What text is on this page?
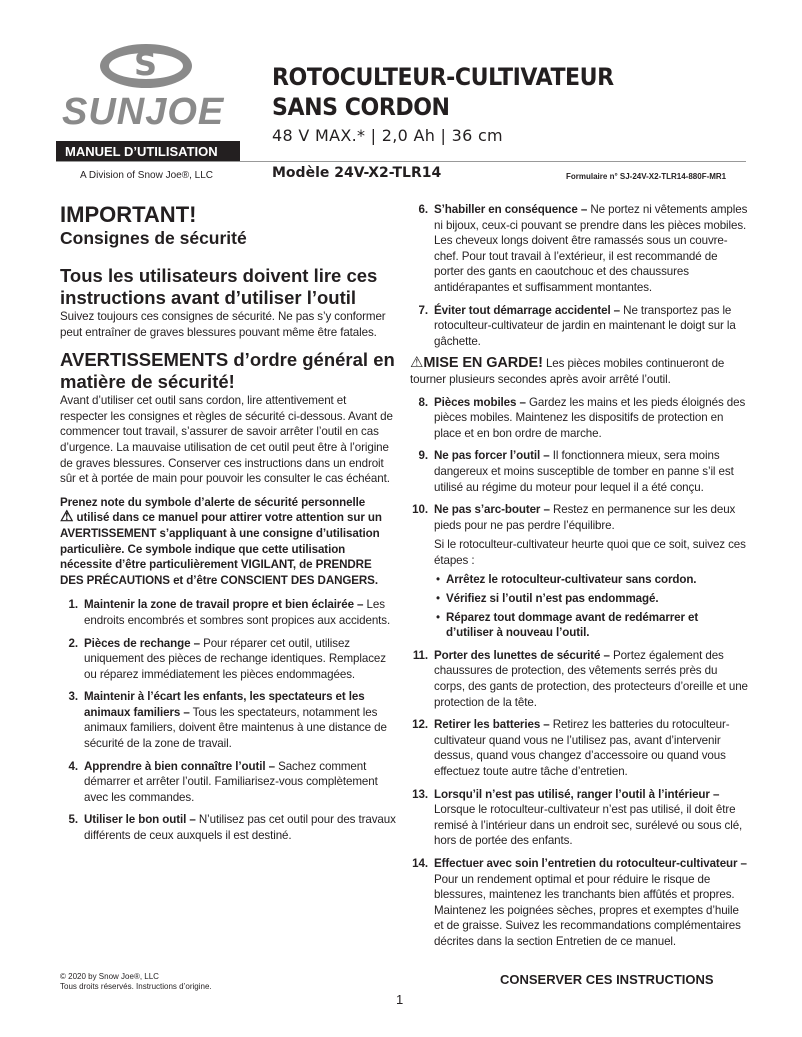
S
SUNJOE
MANUEL D’UTILISATION
A Division of Snow Joe®, LLC
ROTOCULTEUR-CULTIVATEUR
SANS CORDON
48 V MAX.* | 2,0 Ah | 36 cm
Modèle 24V-X2-TLR14	Formulaire n° SJ-24V-X2-TLR14-880F-MR1
IMPORTANT!
Consignes de sécurité
Tous les utilisateurs doivent lire ces instructions avant d’utiliser l’outil

Suivez toujours ces consignes de sécurité. Ne pas s’y conformer peut entraîner de graves blessures pouvant même être fatales.

AVERTISSEMENTS d’ordre général en matière de sécurité!

Avant d’utiliser cet outil sans cordon, lire attentivement et respecter les consignes et règles de sécurité ci-dessous. Avant de commencer tout travail, s’assurer de savoir arrêter l’outil en cas d’urgence. La mauvaise utilisation de cet outil peut être à l’origine de graves blessures. Conserver ces instructions dans un endroit sûr et à portée de main pour pouvoir les consulter le cas échéant.

Prenez note du symbole d’alerte de sécurité personnelle
⚠ utilisé dans ce manuel pour attirer votre attention sur un AVERTISSEMENT s’appliquant à une consigne d’utilisation particulière. Ce symbole indique que cette utilisation nécessite d’être particulièrement VIGILANT, de PRENDRE DES PRÉCAUTIONS et d’être CONSCIENT DES DANGERS.

1. Maintenir la zone de travail propre et bien éclairée – Les endroits encombrés et sombres sont propices aux accidents.
2. Pièces de rechange – Pour réparer cet outil, utilisez uniquement des pièces de rechange identiques. Remplacez ou réparez immédiatement les pièces endommagées.
3. Maintenir à l’écart les enfants, les spectateurs et les animaux familiers – Tous les spectateurs, notamment les animaux familiers, doivent être maintenus à une distance de sécurité de la zone de travail.
4. Apprendre à bien connaître l’outil – Sachez comment démarrer et arrêter l’outil. Familiarisez-vous complètement avec les commandes.
5. Utiliser le bon outil – N’utilisez pas cet outil pour des travaux différents de ceux auxquels il est destiné.
6. S’habiller en conséquence – Ne portez ni vêtements amples ni bijoux, ceux-ci pouvant se prendre dans les pièces mobiles. Les cheveux longs doivent être ramassés sous un couvre-chef. Pour tout travail à l’extérieur, il est recommandé de porter des gants en caoutchouc et des chaussures antidérapantes et suffisamment montantes.
7. Éviter tout démarrage accidentel – Ne transportez pas le rotoculteur-cultivateur de jardin en maintenant le doigt sur la gâchette.

⚠MISE EN GARDE! Les pièces mobiles continueront de tourner plusieurs secondes après avoir arrêté l’outil.

8. Pièces mobiles – Gardez les mains et les pieds éloignés des pièces mobiles. Maintenez les dispositifs de protection en place et en bon ordre de marche.
9. Ne pas forcer l’outil – Il fonctionnera mieux, sera moins dangereux et moins susceptible de tomber en panne s’il est utilisé au régime du moteur pour lequel il a été conçu.
10. Ne pas s’arc-bouter – Restez en permanence sur les deux pieds pour ne pas perdre l’équilibre.

Si le rotoculteur-cultivateur heurte quoi que ce soit, suivez ces étapes :

• Arrêtez le rotoculteur-cultivateur sans cordon.
• Vérifiez si l’outil n’est pas endommagé.
• Réparez tout dommage avant de redémarrer et d’utiliser à nouveau l’outil.
11. Porter des lunettes de sécurité – Portez également des chaussures de protection, des vêtements serrés près du corps, des gants de protection, des protecteurs d’oreille et une protection de la tête.
12. Retirer les batteries – Retirez les batteries du rotoculteur-cultivateur quand vous ne l’utilisez pas, avant d’intervenir dessus, quand vous changez d’accessoire ou quand vous effectuez toute autre tâche d’entretien.
13. Lorsqu’il n’est pas utilisé, ranger l’outil à l’intérieur – Lorsque le rotoculteur-cultivateur n’est pas utilisé, il doit être remisé à l’intérieur dans un endroit sec, surélevé ou sous clé, hors de portée des enfants.
14. Effectuer avec soin l’entretien du rotoculteur-cultivateur – Pour un rendement optimal et pour réduire le risque de blessures, maintenez les tranchants bien affûtés et propres. Maintenez les poignées sèches, propres et exemptes d’huile et de graisse. Suivez les recommandations complémentaires décrites dans la section Entretien de ce manuel.
© 2020 by Snow Joe®, LLC
Tous droits réservés. Instructions d’origine.	CONSERVER CES INSTRUCTIONS
1
